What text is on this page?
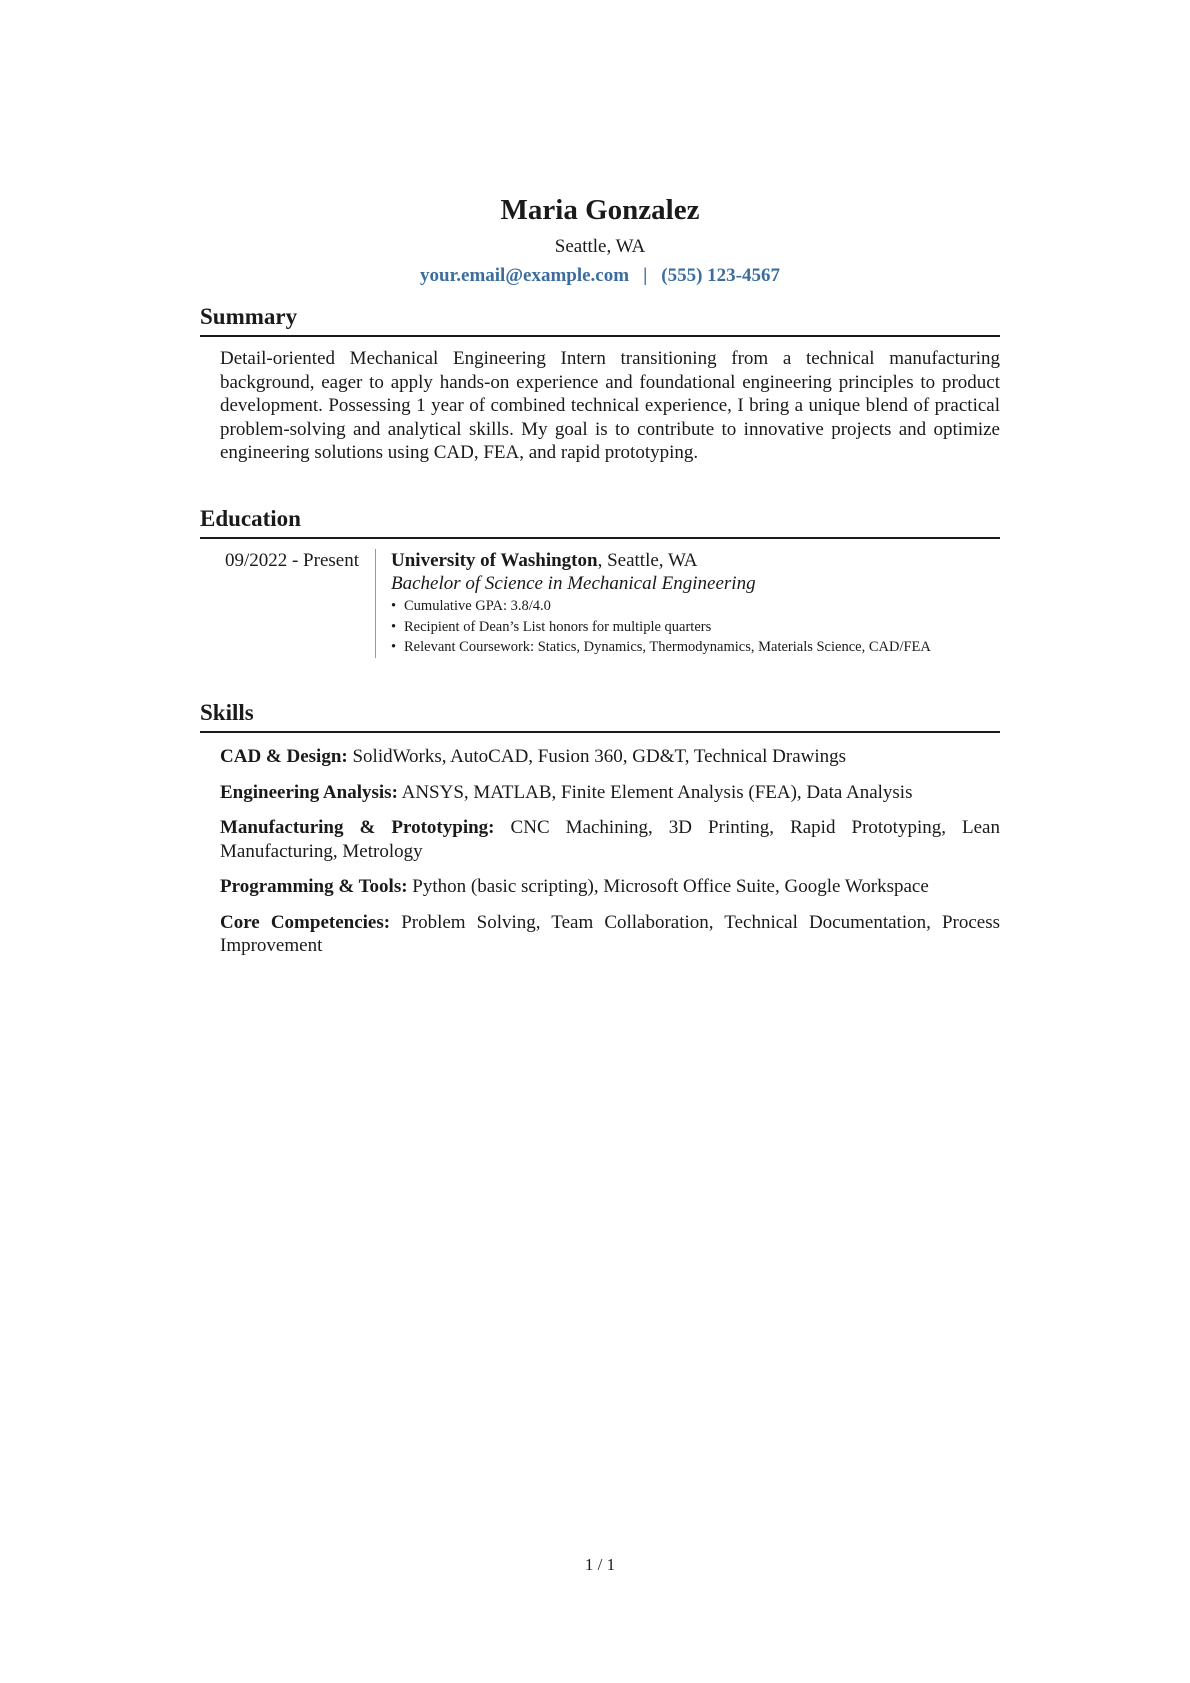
Maria Gonzalez
Seattle, WA
your.email@example.com | (555) 123-4567
Summary
Detail-oriented Mechanical Engineering Intern transitioning from a technical manufacturing background, eager to apply hands-on experience and foundational engineering principles to product development. Possessing 1 year of combined technical experience, I bring a unique blend of practical problem-solving and analytical skills. My goal is to contribute to innovative projects and optimize engineering solutions using CAD, FEA, and rapid prototyping.
Education
09/2022 - Present	University of Washington, Seattle, WA
Bachelor of Science in Mechanical Engineering
• Cumulative GPA: 3.8/4.0
• Recipient of Dean’s List honors for multiple quarters
• Relevant Coursework: Statics, Dynamics, Thermodynamics, Materials Science, CAD/FEA
Skills
CAD & Design: SolidWorks, AutoCAD, Fusion 360, GD&T, Technical Drawings
Engineering Analysis: ANSYS, MATLAB, Finite Element Analysis (FEA), Data Analysis
Manufacturing & Prototyping: CNC Machining, 3D Printing, Rapid Prototyping, Lean Manufacturing, Metrology
Programming & Tools: Python (basic scripting), Microsoft Office Suite, Google Workspace
Core Competencies: Problem Solving, Team Collaboration, Technical Documentation, Process Improvement
1 / 1
